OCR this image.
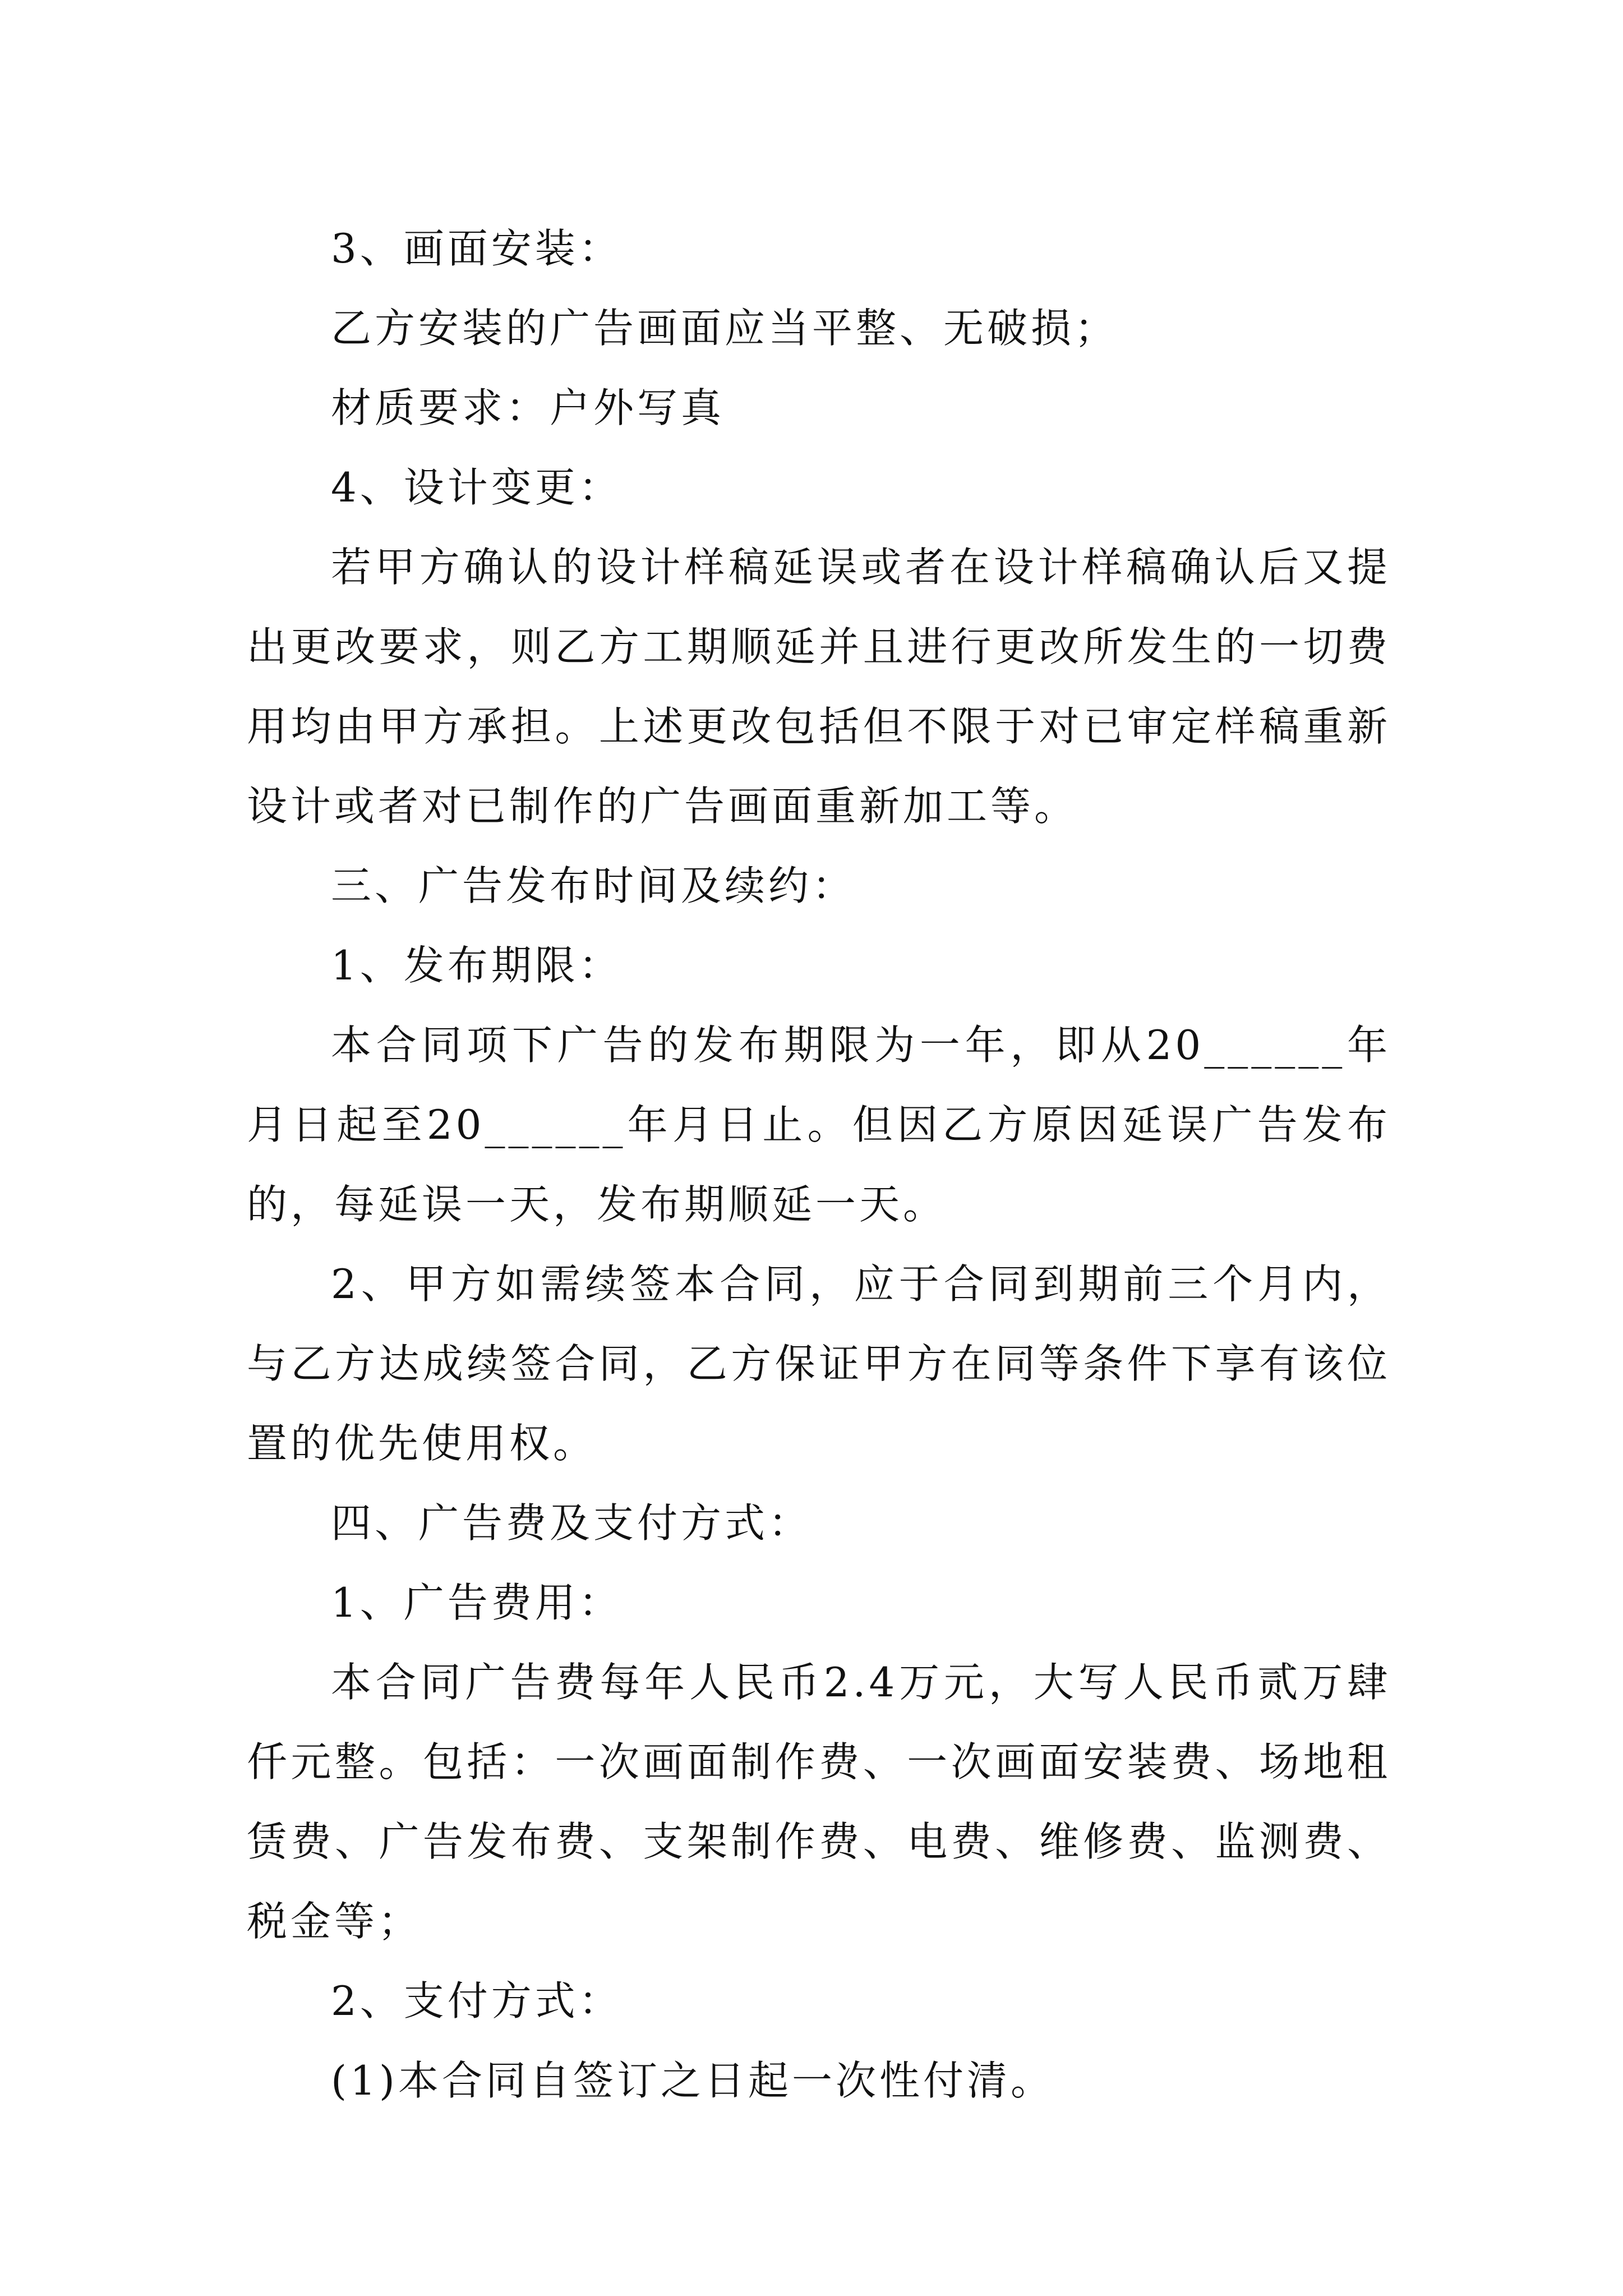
3、画面安装：

乙方安装的广告画面应当平整、无破损；

材质要求：户外写真

4、设计变更：

若甲方确认的设计样稿延误或者在设计样稿确认后又提出更改要求，则乙方工期顺延并且进行更改所发生的一切费用均由甲方承担。上述更改包括但不限于对已审定样稿重新设计或者对已制作的广告画面重新加工等。

三、广告发布时间及续约：

1、发布期限：

本合同项下广告的发布期限为一年，即从20______年月日起至20______年月日止。但因乙方原因延误广告发布的，每延误一天，发布期顺延一天。

2、甲方如需续签本合同，应于合同到期前三个月内，与乙方达成续签合同，乙方保证甲方在同等条件下享有该位置的优先使用权。

四、广告费及支付方式：

1、广告费用：

本合同广告费每年人民币2.4万元，大写人民币贰万肆仟元整。包括：一次画面制作费、一次画面安装费、场地租赁费、广告发布费、支架制作费、电费、维修费、监测费、税金等；

2、支付方式：

(1)本合同自签订之日起一次性付清。
